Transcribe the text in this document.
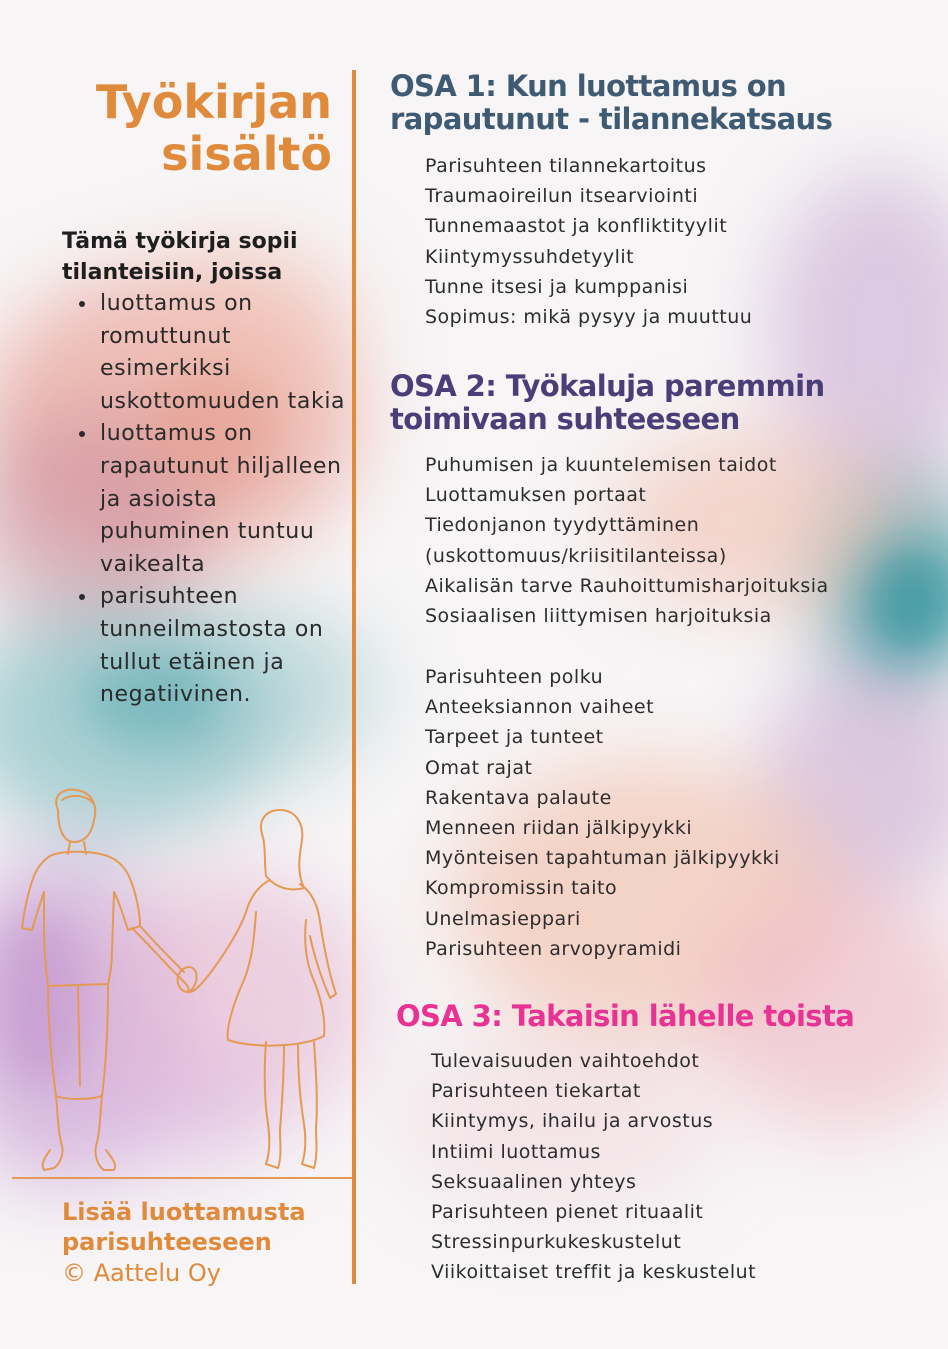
Työkirjan
sisältö

Tämä työkirja sopii tilanteisiin, joissa

• luottamus on romuttunut esimerkiksi uskottomuuden takia
• luottamus on rapautunut hiljalleen ja asioista puhuminen tuntuu vaikealta
• parisuhteen tunneilmastosta on tullut etäinen ja negatiivinen.
Lisää luottamusta
parisuhteeseen

© Aattelu Oy

OSA 1: Kun luottamus on
rapautunut - tilannekatsaus
Parisuhteen tilannekartoitus
Traumaoireilun itsearviointi
Tunnemaastot ja konfliktityylit
Kiintymyssuhdetyylit
Tunne itsesi ja kumppanisi
Sopimus: mikä pysyy ja muuttuu
OSA 2: Työkaluja paremmin
toimivaan suhteeseen
Puhumisen ja kuuntelemisen taidot
Luottamuksen portaat
Tiedonjanon tyydyttäminen
(uskottomuus/kriisitilanteissa)
Aikalisän tarve Rauhoittumisharjoituksia
Sosiaalisen liittymisen harjoituksia
Parisuhteen polku
Anteeksiannon vaiheet
Tarpeet ja tunteet
Omat rajat
Rakentava palaute
Menneen riidan jälkipyykki
Myönteisen tapahtuman jälkipyykki
Kompromissin taito
Unelmasieppari
Parisuhteen arvopyramidi
OSA 3: Takaisin lähelle toista
Tulevaisuuden vaihtoehdot
Parisuhteen tiekartat
Kiintymys, ihailu ja arvostus
Intiimi luottamus
Seksuaalinen yhteys
Parisuhteen pienet rituaalit
Stressinpurkukeskustelut
Viikoittaiset treffit ja keskustelut
